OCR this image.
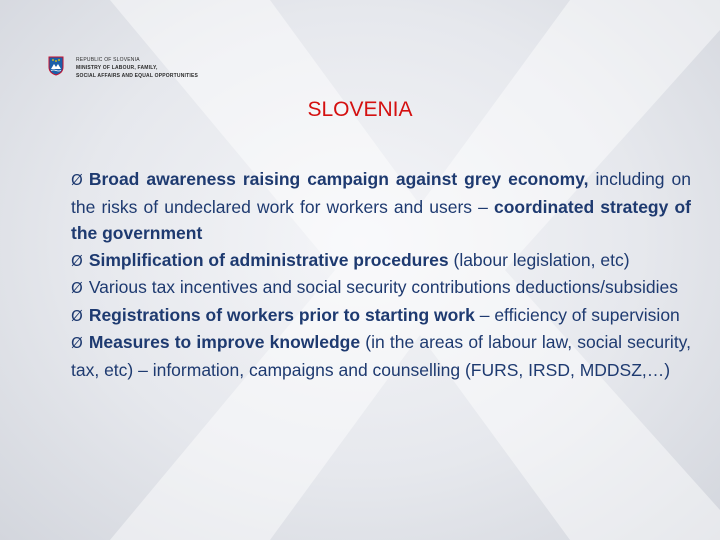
REPUBLIC OF SLOVENIA
MINISTRY OF LABOUR, FAMILY,
SOCIAL AFFAIRS AND EQUAL OPPORTUNITIES
SLOVENIA

Ø Broad awareness raising campaign against grey economy, including on the risks of undeclared work for workers and users – coordinated strategy of the government

Ø Simplification of administrative procedures (labour legislation, etc)

Ø Various tax incentives and social security contributions deductions/subsidies

Ø Registrations of workers prior to starting work – efficiency of supervision

Ø Measures to improve knowledge (in the areas of labour law, social security, tax, etc) – information, campaigns and counselling (FURS, IRSD, MDDSZ,…)
